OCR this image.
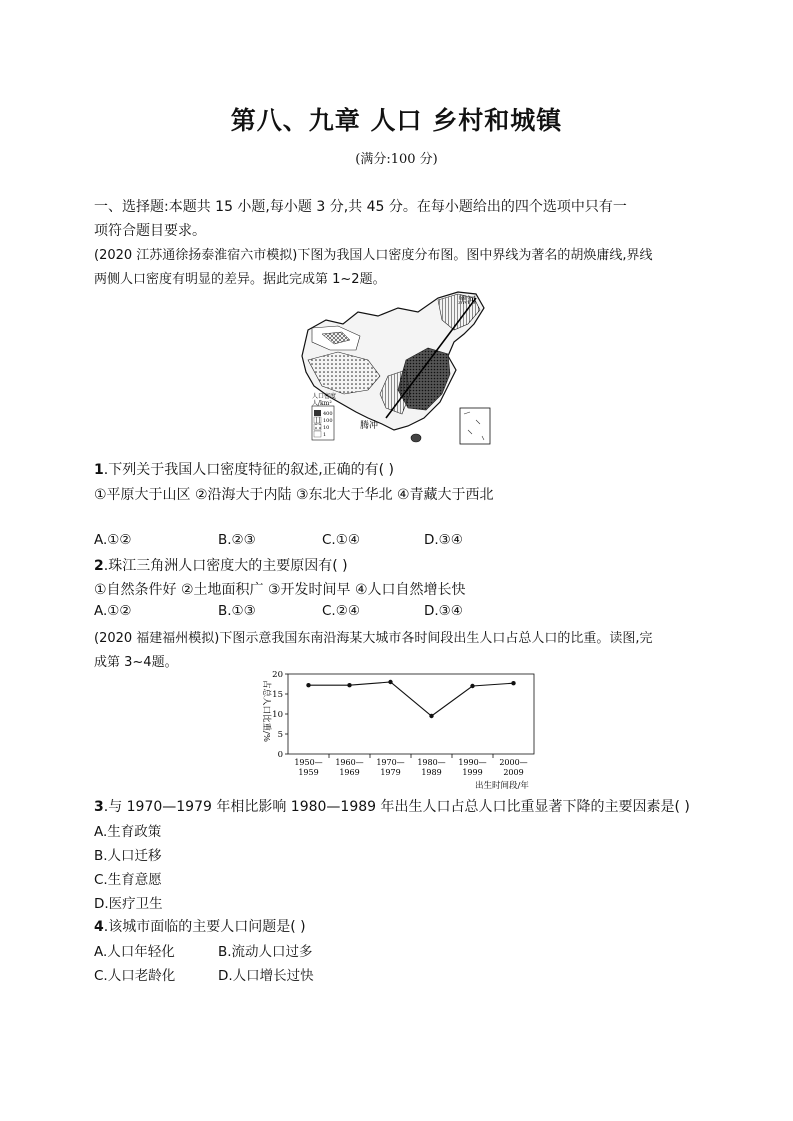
第八、九章 人口 乡村和城镇
(满分:100 分)
一、选择题:本题共 15 小题,每小题 3 分,共 45 分。在每小题给出的四个选项中只有一
项符合题目要求。
(2020 江苏通徐扬泰淮宿六市模拟)下图为我国人口密度分布图。图中界线为著名的胡焕庸线,界线
两侧人口密度有明显的差异。据此完成第 1~2题。
人口密度
人/km²
400
100
10
1
黑河
腾冲
1.下列关于我国人口密度特征的叙述,正确的有( )
①平原大于山区 ②沿海大于内陆 ③东北大于华北 ④青藏大于西北
A.①②	B.②③	C.①④	D.③④
2.珠江三角洲人口密度大的主要原因有( )
①自然条件好 ②土地面积广 ③开发时间早 ④人口自然增长快
A.①②	B.①③	C.②④	D.③④
(2020 福建福州模拟)下图示意我国东南沿海某大城市各时间段出生人口占总人口的比重。读图,完
成第 3~4题。
0
5
10
15
20
1950—
1959
1960—
1969
1970—
1979
1980—
1989
1990—
1999
2000—
2009
占总人口比重/%
出生时间段/年
3.与 1970—1979 年相比影响 1980—1989 年出生人口占总人口比重显著下降的主要因素是( )
A.生育政策
B.人口迁移
C.生育意愿
D.医疗卫生
4.该城市面临的主要人口问题是( )
A.人口年轻化	B.流动人口过多
C.人口老龄化	D.人口增长过快
